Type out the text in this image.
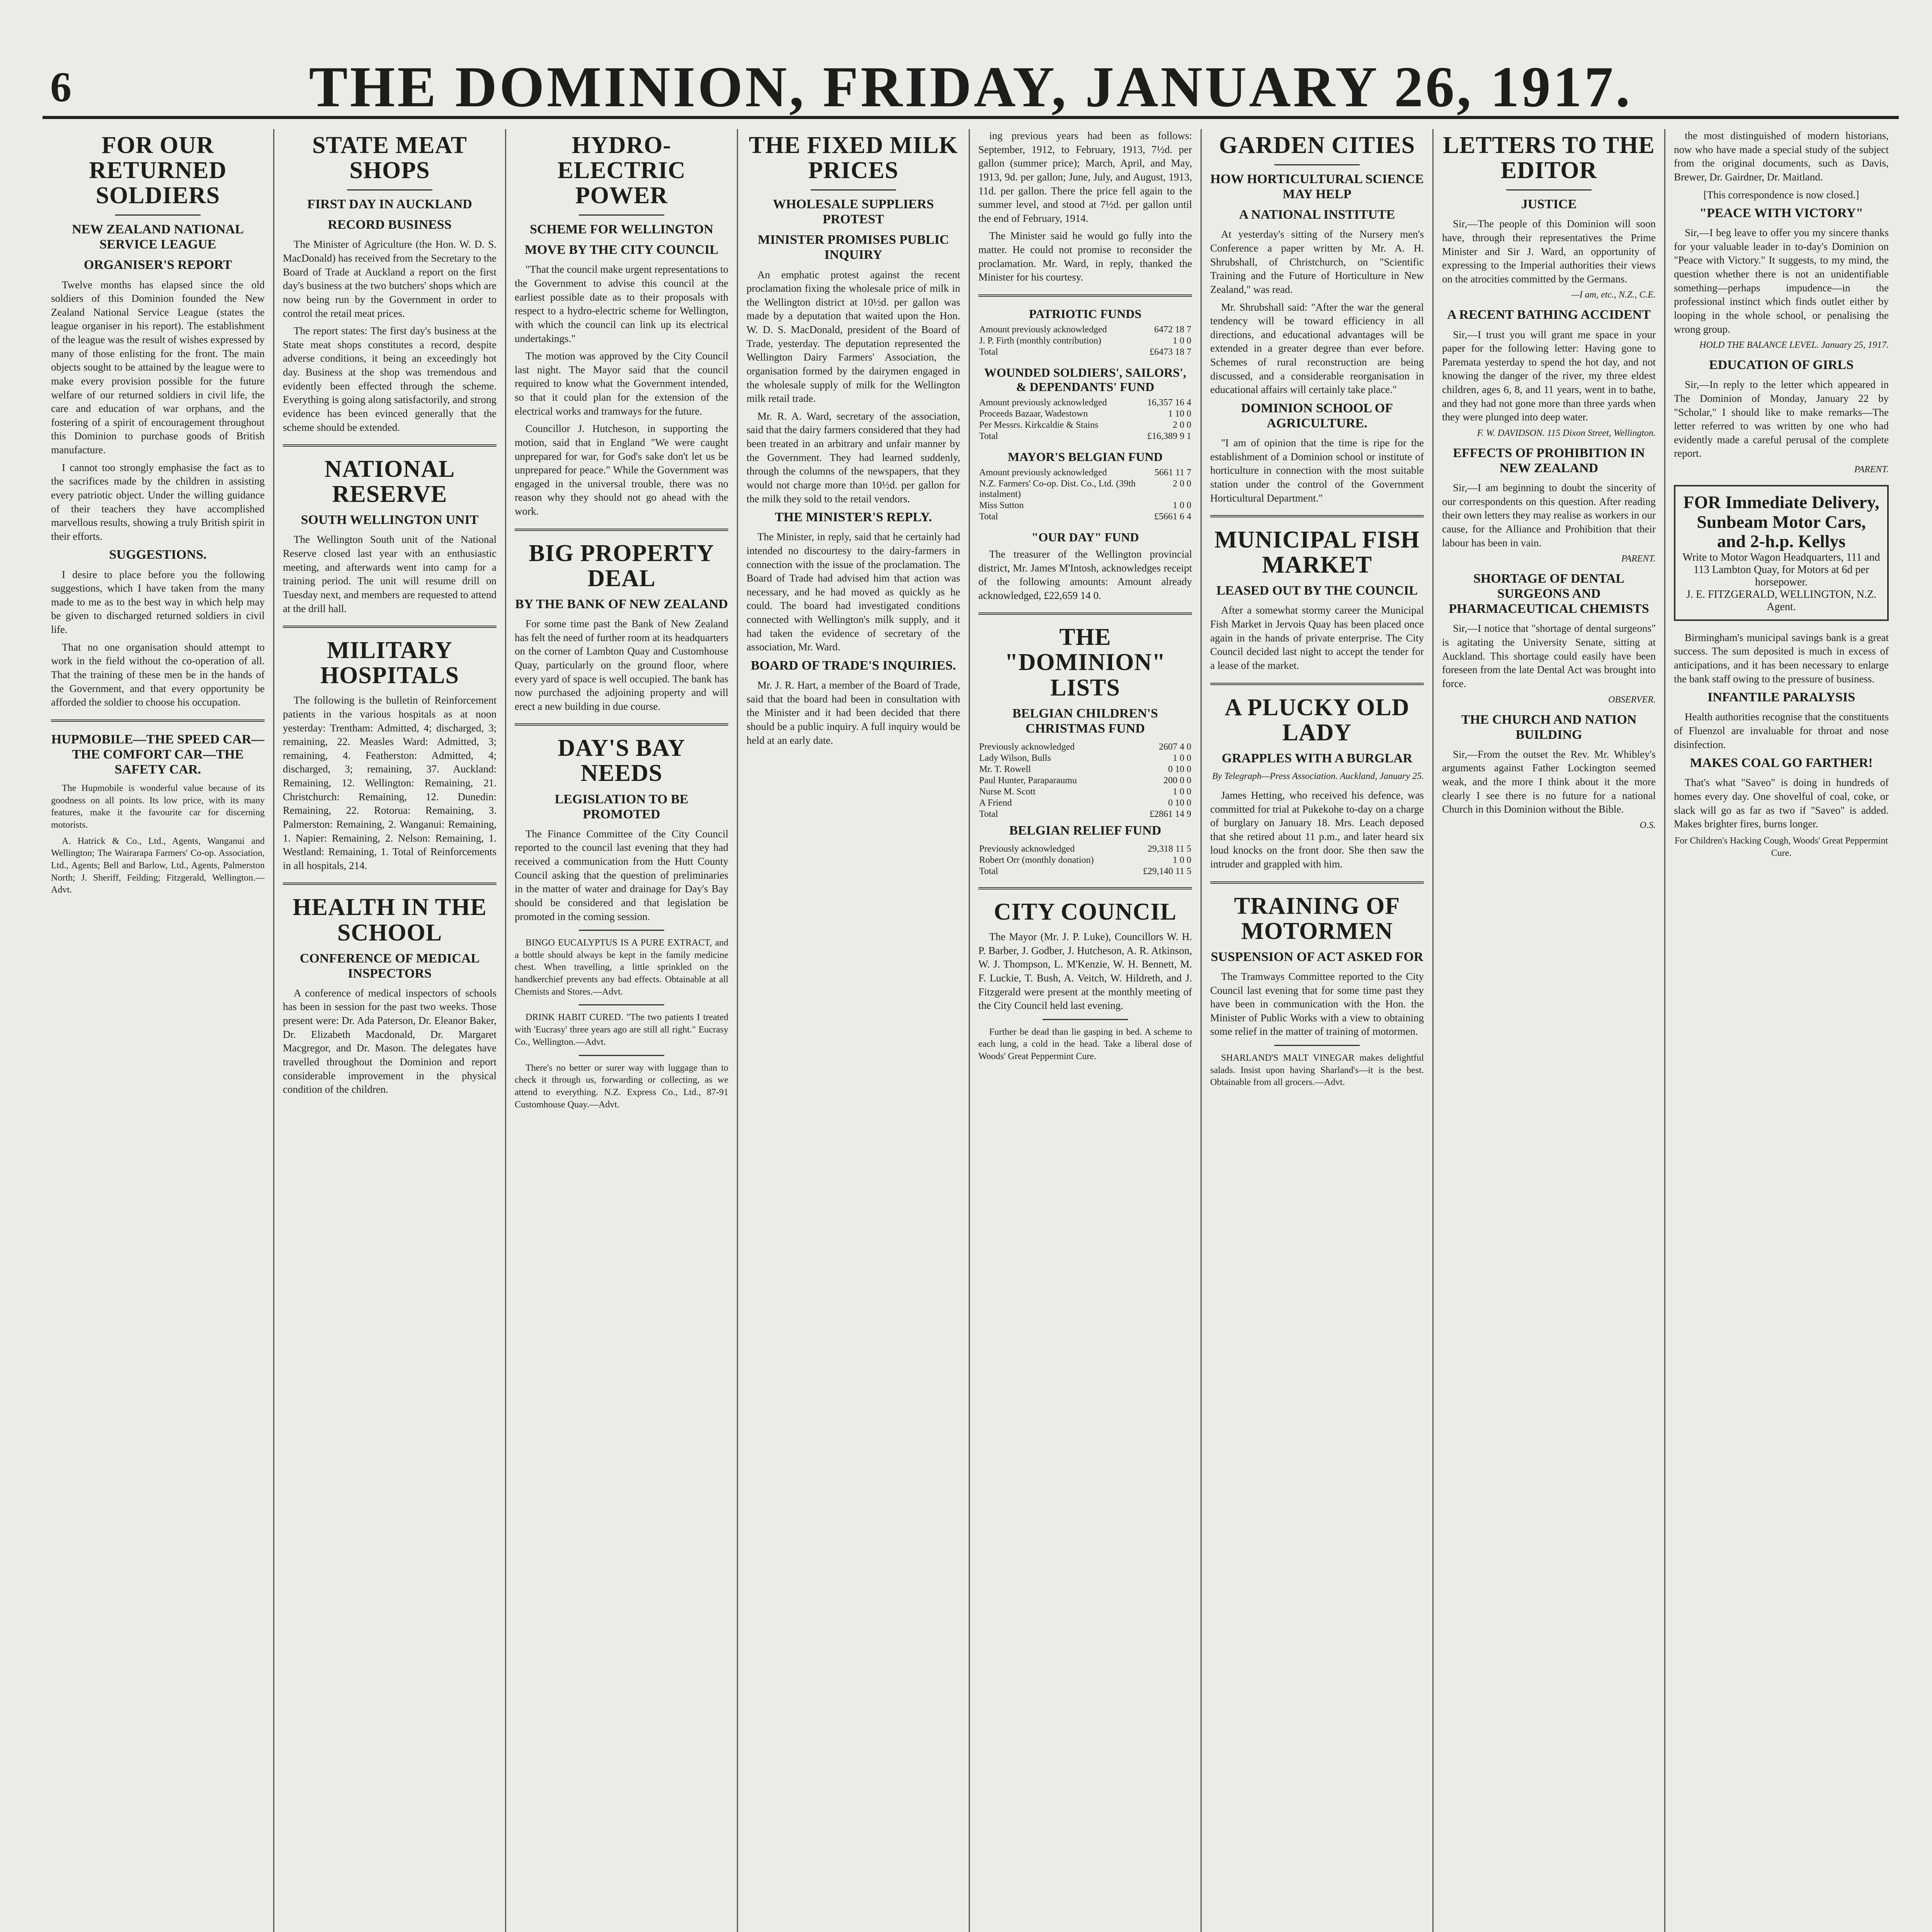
6	THE DOMINION, FRIDAY, JANUARY 26, 1917.
FOR OUR RETURNED SOLDIERS
NEW ZEALAND NATIONAL SERVICE LEAGUE
ORGANISER'S REPORT

Twelve months has elapsed since the old soldiers of this Dominion founded the New Zealand National Service League (states the league organiser in his report). The establishment of the league was the result of wishes expressed by many of those enlisting for the front. The main objects sought to be attained by the league were to make every provision possible for the future welfare of our returned soldiers in civil life, the care and education of war orphans, and the fostering of a spirit of encouragement throughout this Dominion to purchase goods of British manufacture.

I cannot too strongly emphasise the fact as to the sacrifices made by the children in assisting every patriotic object. Under the willing guidance of their teachers they have accomplished marvellous results, showing a truly British spirit in their efforts.

SUGGESTIONS.

I desire to place before you the following suggestions, which I have taken from the many made to me as to the best way in which help may be given to discharged returned soldiers in civil life.

That no one organisation should attempt to work in the field without the co-operation of all. That the training of these men be in the hands of the Government, and that every opportunity be afforded the soldier to choose his occupation.

HUPMOBILE—THE SPEED CAR—THE COMFORT CAR—THE SAFETY CAR.

The Hupmobile is wonderful value because of its goodness on all points. Its low price, with its many features, make it the favourite car for discerning motorists.

A. Hatrick & Co., Ltd., Agents, Wanganui and Wellington; The Wairarapa Farmers' Co-op. Association, Ltd., Agents; Bell and Barlow, Ltd., Agents, Palmerston North; J. Sheriff, Feilding; Fitzgerald, Wellington.—Advt.

STATE MEAT SHOPS
FIRST DAY IN AUCKLAND
RECORD BUSINESS

The Minister of Agriculture (the Hon. W. D. S. MacDonald) has received from the Secretary to the Board of Trade at Auckland a report on the first day's business at the two butchers' shops which are now being run by the Government in order to control the retail meat prices.

The report states: The first day's business at the State meat shops constitutes a record, despite adverse conditions, it being an exceedingly hot day. Business at the shop was tremendous and evidently been effected through the scheme. Everything is going along satisfactorily, and strong evidence has been evinced generally that the scheme should be extended.

NATIONAL RESERVE
SOUTH WELLINGTON UNIT

The Wellington South unit of the National Reserve closed last year with an enthusiastic meeting, and afterwards went into camp for a training period. The unit will resume drill on Tuesday next, and members are requested to attend at the drill hall.

MILITARY HOSPITALS

The following is the bulletin of Reinforcement patients in the various hospitals as at noon yesterday: Trentham: Admitted, 4; discharged, 3; remaining, 22. Measles Ward: Admitted, 3; remaining, 4. Featherston: Admitted, 4; discharged, 3; remaining, 37. Auckland: Remaining, 12. Wellington: Remaining, 21. Christchurch: Remaining, 12. Dunedin: Remaining, 22. Rotorua: Remaining, 3. Palmerston: Remaining, 2. Wanganui: Remaining, 1. Napier: Remaining, 2. Nelson: Remaining, 1. Westland: Remaining, 1. Total of Reinforcements in all hospitals, 214.

HEALTH IN THE SCHOOL
CONFERENCE OF MEDICAL INSPECTORS

A conference of medical inspectors of schools has been in session for the past two weeks. Those present were: Dr. Ada Paterson, Dr. Eleanor Baker, Dr. Elizabeth Macdonald, Dr. Margaret Macgregor, and Dr. Mason. The delegates have travelled throughout the Dominion and report considerable improvement in the physical condition of the children.

HYDRO-ELECTRIC POWER
SCHEME FOR WELLINGTON
MOVE BY THE CITY COUNCIL

"That the council make urgent representations to the Government to advise this council at the earliest possible date as to their proposals with respect to a hydro-electric scheme for Wellington, with which the council can link up its electrical undertakings."

The motion was approved by the City Council last night. The Mayor said that the council required to know what the Government intended, so that it could plan for the extension of the electrical works and tramways for the future.

Councillor J. Hutcheson, in supporting the motion, said that in England "We were caught unprepared for war, for God's sake don't let us be unprepared for peace." While the Government was engaged in the universal trouble, there was no reason why they should not go ahead with the work.

BIG PROPERTY DEAL
BY THE BANK OF NEW ZEALAND

For some time past the Bank of New Zealand has felt the need of further room at its headquarters on the corner of Lambton Quay and Customhouse Quay, particularly on the ground floor, where every yard of space is well occupied. The bank has now purchased the adjoining property and will erect a new building in due course.

DAY'S BAY NEEDS
LEGISLATION TO BE PROMOTED

The Finance Committee of the City Council reported to the council last evening that they had received a communication from the Hutt County Council asking that the question of preliminaries in the matter of water and drainage for Day's Bay should be considered and that legislation be promoted in the coming session.

BINGO EUCALYPTUS IS A PURE EXTRACT, and a bottle should always be kept in the family medicine chest. When travelling, a little sprinkled on the handkerchief prevents any bad effects. Obtainable at all Chemists and Stores.—Advt.

DRINK HABIT CURED. "The two patients I treated with 'Eucrasy' three years ago are still all right." Eucrasy Co., Wellington.—Advt.

There's no better or surer way with luggage than to check it through us, forwarding or collecting, as we attend to everything. N.Z. Express Co., Ltd., 87-91 Customhouse Quay.—Advt.

THE FIXED MILK PRICES
WHOLESALE SUPPLIERS PROTEST
MINISTER PROMISES PUBLIC INQUIRY

An emphatic protest against the recent proclamation fixing the wholesale price of milk in the Wellington district at 10½d. per gallon was made by a deputation that waited upon the Hon. W. D. S. MacDonald, president of the Board of Trade, yesterday. The deputation represented the Wellington Dairy Farmers' Association, the organisation formed by the dairymen engaged in the wholesale supply of milk for the Wellington milk retail trade.

Mr. R. A. Ward, secretary of the association, said that the dairy farmers considered that they had been treated in an arbitrary and unfair manner by the Government. They had learned suddenly, through the columns of the newspapers, that they would not charge more than 10½d. per gallon for the milk they sold to the retail vendors.

THE MINISTER'S REPLY.

The Minister, in reply, said that he certainly had intended no discourtesy to the dairy-farmers in connection with the issue of the proclamation. The Board of Trade had advised him that action was necessary, and he had moved as quickly as he could. The board had investigated conditions connected with Wellington's milk supply, and it had taken the evidence of secretary of the association, Mr. Ward.

BOARD OF TRADE'S INQUIRIES.

Mr. J. R. Hart, a member of the Board of Trade, said that the board had been in consultation with the Minister and it had been decided that there should be a public inquiry. A full inquiry would be held at an early date.

ing previous years had been as follows: September, 1912, to February, 1913, 7½d. per gallon (summer price); March, April, and May, 1913, 9d. per gallon; June, July, and August, 1913, 11d. per gallon. There the price fell again to the summer level, and stood at 7½d. per gallon until the end of February, 1914.

The Minister said he would go fully into the matter. He could not promise to reconsider the proclamation. Mr. Ward, in reply, thanked the Minister for his courtesy.

PATRIOTIC FUNDS
Amount previously acknowledged	6472 18 7
J. P. Firth (monthly contribution)	1 0 0
Total	£6473 18 7
WOUNDED SOLDIERS', SAILORS', & DEPENDANTS' FUND
Amount previously acknowledged	16,357 16 4
Proceeds Bazaar, Wadestown	1 10 0
Per Messrs. Kirkcaldie & Stains	2 0 0
Total	£16,389 9 1
MAYOR'S BELGIAN FUND
Amount previously acknowledged	5661 11 7
N.Z. Farmers' Co-op. Dist. Co., Ltd. (39th instalment)	2 0 0
Miss Sutton	1 0 0
Total	£5661 6 4
"OUR DAY" FUND

The treasurer of the Wellington provincial district, Mr. James M'Intosh, acknowledges receipt of the following amounts: Amount already acknowledged, £22,659 14 0.

THE "DOMINION" LISTS
BELGIAN CHILDREN'S CHRISTMAS FUND
Previously acknowledged	2607 4 0
Lady Wilson, Bulls	1 0 0
Mr. T. Rowell	0 10 0
Paul Hunter, Paraparaumu	200 0 0
Nurse M. Scott	1 0 0
A Friend	0 10 0
Total	£2861 14 9
BELGIAN RELIEF FUND
Previously acknowledged	29,318 11 5
Robert Orr (monthly donation)	1 0 0
Total	£29,140 11 5
CITY COUNCIL

The Mayor (Mr. J. P. Luke), Councillors W. H. P. Barber, J. Godber, J. Hutcheson, A. R. Atkinson, W. J. Thompson, L. M'Kenzie, W. H. Bennett, M. F. Luckie, T. Bush, A. Veitch, W. Hildreth, and J. Fitzgerald were present at the monthly meeting of the City Council held last evening.

Further be dead than lie gasping in bed. A scheme to each lung, a cold in the head. Take a liberal dose of Woods' Great Peppermint Cure.

GARDEN CITIES
HOW HORTICULTURAL SCIENCE MAY HELP
A NATIONAL INSTITUTE

At yesterday's sitting of the Nursery men's Conference a paper written by Mr. A. H. Shrubshall, of Christchurch, on "Scientific Training and the Future of Horticulture in New Zealand," was read.

Mr. Shrubshall said: "After the war the general tendency will be toward efficiency in all directions, and educational advantages will be extended in a greater degree than ever before. Schemes of rural reconstruction are being discussed, and a considerable reorganisation in educational affairs will certainly take place."

DOMINION SCHOOL OF AGRICULTURE.

"I am of opinion that the time is ripe for the establishment of a Dominion school or institute of horticulture in connection with the most suitable station under the control of the Government Horticultural Department."

MUNICIPAL FISH MARKET
LEASED OUT BY THE COUNCIL

After a somewhat stormy career the Municipal Fish Market in Jervois Quay has been placed once again in the hands of private enterprise. The City Council decided last night to accept the tender for a lease of the market.

A PLUCKY OLD LADY
GRAPPLES WITH A BURGLAR
By Telegraph—Press Association. Auckland, January 25.

James Hetting, who received his defence, was committed for trial at Pukekohe to-day on a charge of burglary on January 18. Mrs. Leach deposed that she retired about 11 p.m., and later heard six loud knocks on the front door. She then saw the intruder and grappled with him.

TRAINING OF MOTORMEN
SUSPENSION OF ACT ASKED FOR

The Tramways Committee reported to the City Council last evening that for some time past they have been in communication with the Hon. the Minister of Public Works with a view to obtaining some relief in the matter of training of motormen.

SHARLAND'S MALT VINEGAR makes delightful salads. Insist upon having Sharland's—it is the best. Obtainable from all grocers.—Advt.

LETTERS TO THE EDITOR
JUSTICE

Sir,—The people of this Dominion will soon have, through their representatives the Prime Minister and Sir J. Ward, an opportunity of expressing to the Imperial authorities their views on the atrocities committed by the Germans.

—I am, etc., N.Z., C.E.
A RECENT BATHING ACCIDENT

Sir,—I trust you will grant me space in your paper for the following letter: Having gone to Paremata yesterday to spend the hot day, and not knowing the danger of the river, my three eldest children, ages 6, 8, and 11 years, went in to bathe, and they had not gone more than three yards when they were plunged into deep water.

F. W. DAVIDSON. 115 Dixon Street, Wellington.
EFFECTS OF PROHIBITION IN NEW ZEALAND

Sir,—I am beginning to doubt the sincerity of our correspondents on this question. After reading their own letters they may realise as workers in our cause, for the Alliance and Prohibition that their labour has been in vain.

PARENT.
SHORTAGE OF DENTAL SURGEONS AND PHARMACEUTICAL CHEMISTS

Sir,—I notice that "shortage of dental surgeons" is agitating the University Senate, sitting at Auckland. This shortage could easily have been foreseen from the late Dental Act was brought into force.

OBSERVER.
THE CHURCH AND NATION BUILDING

Sir,—From the outset the Rev. Mr. Whibley's arguments against Father Lockington seemed weak, and the more I think about it the more clearly I see there is no future for a national Church in this Dominion without the Bible.

O.S.

the most distinguished of modern historians, now who have made a special study of the subject from the original documents, such as Davis, Brewer, Dr. Gairdner, Dr. Maitland.

[This correspondence is now closed.]

"PEACE WITH VICTORY"

Sir,—I beg leave to offer you my sincere thanks for your valuable leader in to-day's Dominion on "Peace with Victory." It suggests, to my mind, the question whether there is not an unidentifiable something—perhaps impudence—in the professional instinct which finds outlet either by looping in the whole school, or penalising the wrong group.

HOLD THE BALANCE LEVEL. January 25, 1917.
EDUCATION OF GIRLS

Sir,—In reply to the letter which appeared in The Dominion of Monday, January 22 by "Scholar," I should like to make remarks—The letter referred to was written by one who had evidently made a careful perusal of the complete report.

PARENT.
FOR Immediate Delivery, Sunbeam Motor Cars, and 2-h.p. Kellys
Write to Motor Wagon Headquarters, 111 and 113 Lambton Quay, for Motors at 6d per horsepower.
J. E. FITZGERALD, WELLINGTON, N.Z. Agent.

Birmingham's municipal savings bank is a great success. The sum deposited is much in excess of anticipations, and it has been necessary to enlarge the bank staff owing to the pressure of business.

INFANTILE PARALYSIS

Health authorities recognise that the constituents of Fluenzol are invaluable for throat and nose disinfection.

MAKES COAL GO FARTHER!

That's what "Saveo" is doing in hundreds of homes every day. One shovelful of coal, coke, or slack will go as far as two if "Saveo" is added. Makes brighter fires, burns longer.

For Children's Hacking Cough, Woods' Great Peppermint Cure.
